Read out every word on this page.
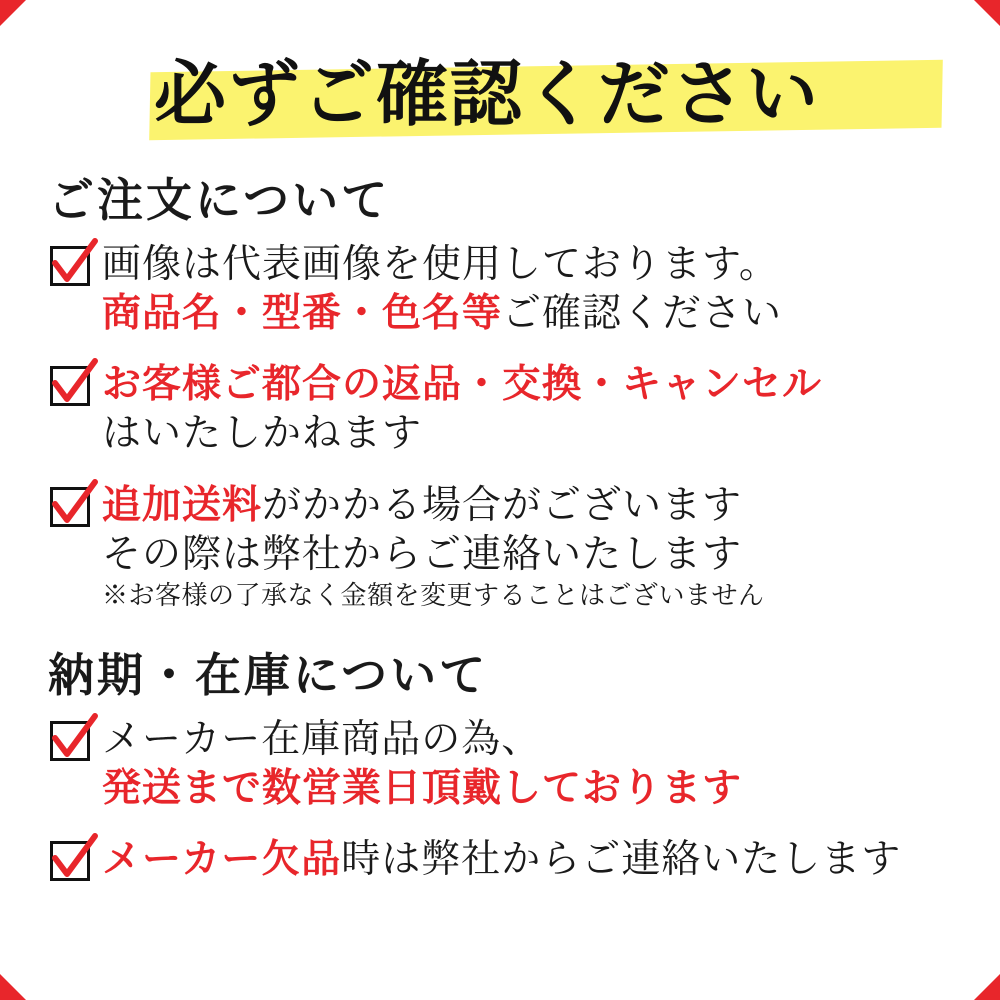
必ずご確認ください
ご注文について
画像は代表画像を使用しております。 商品名・型番・色名等ご確認ください
お客様ご都合の返品・交換・キャンセル はいたしかねます
追加送料がかかる場合がございます その際は弊社からご連絡いたします ※お客様の了承なく金額を変更することはございません
納期・在庫について
メーカー在庫商品の為、 発送まで数営業日頂戴しております
メーカー欠品時は弊社からご連絡いたします
